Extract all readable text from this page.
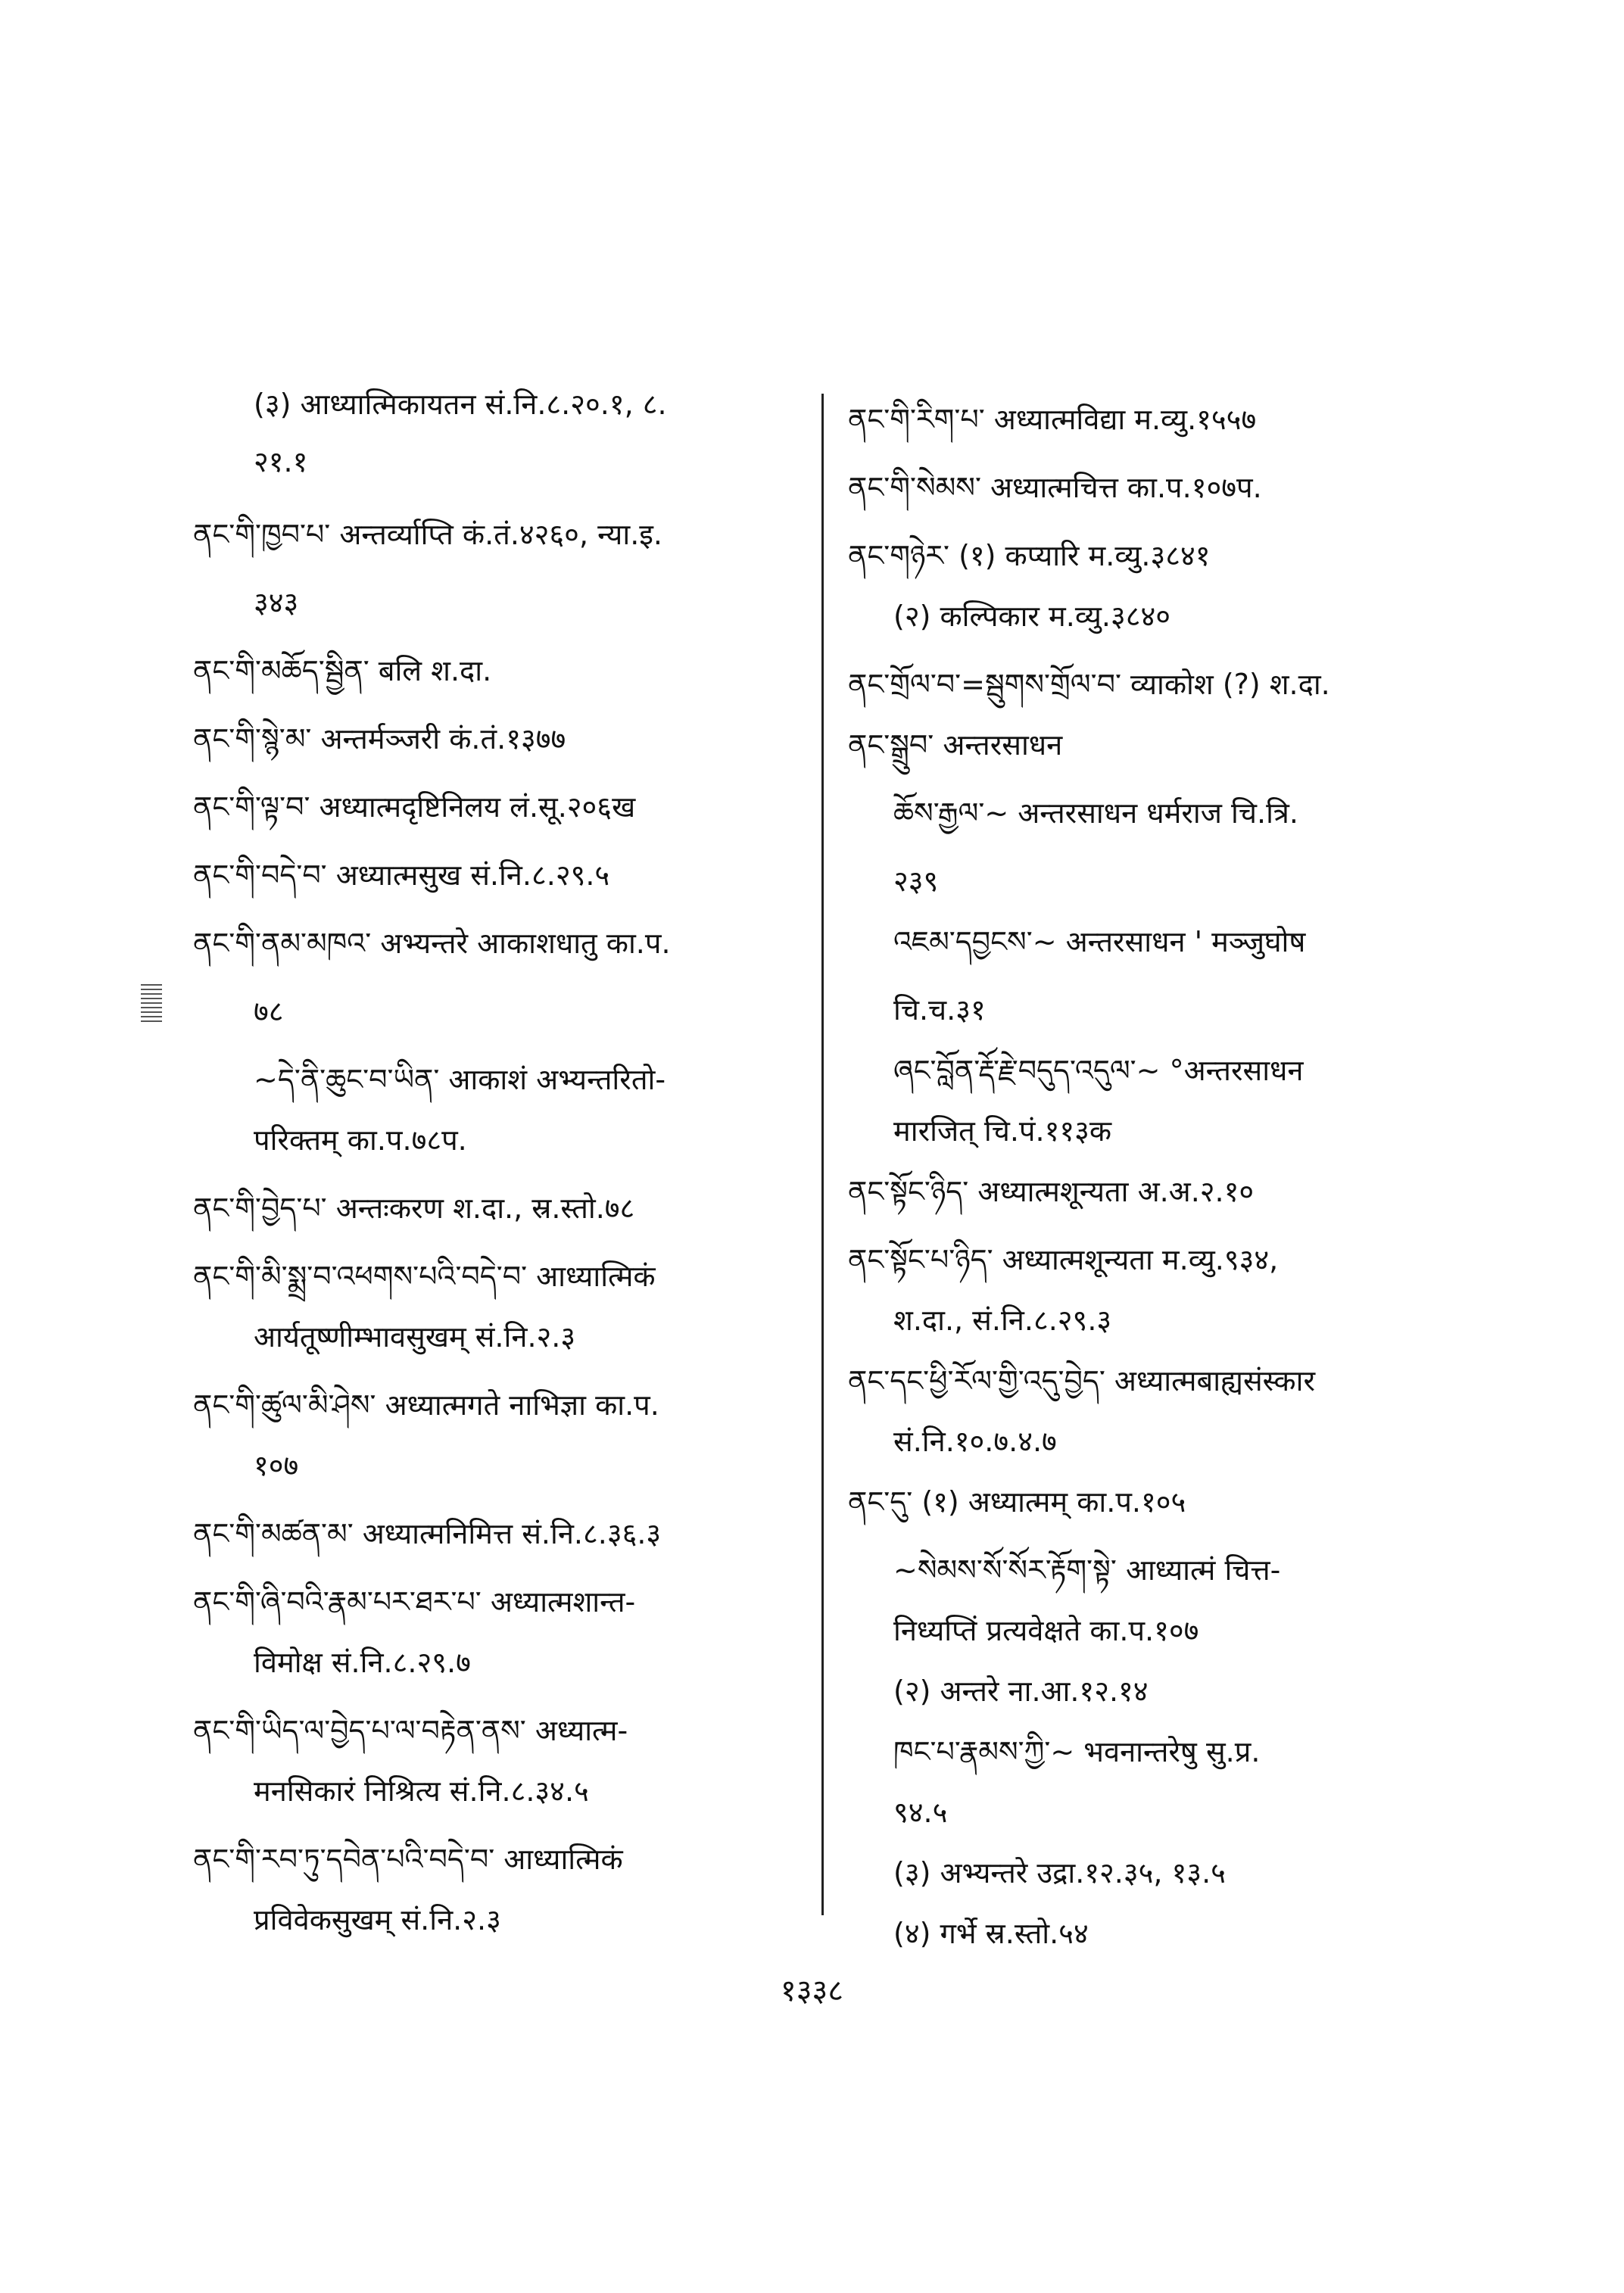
(३) आध्यात्मिकायतन सं.नि.८.२०.१, ८.
२१.१
ནང་གི་ཁྱབ་པ་ अन्तर्व्याप्ति कं.तं.४२६०, न्या.इ.
३४३
ནང་གི་མཆོད་སྦྱིན་ बलि श.दा.
ནང་གི་སྙེ་མ་ अन्तर्मञ्जरी कं.तं.१३७७
ནང་གི་ལྟ་བ་ अध्यात्मदृष्टिनिलय लं.सू.२०६ख
ནང་གི་བདེ་བ་ अध्यात्मसुख सं.नि.८.२९.५
ནང་གི་ནམ་མཁའ་ अभ्यन्तरे आकाशधातु का.प.
७८
~དེ་ནི་ཆུང་བ་ཡིན་ आकाशं अभ्यन्तरितो-
परिक्तम् का.प.७८प.
ནང་གི་བྱེད་པ་ अन्तःकरण श.दा., स्र.स्तो.७८
ནང་གི་མི་སྨྲ་བ་འཕགས་པའི་བདེ་བ་ आध्यात्मिकं
आर्यतूष्णीम्भावसुखम् सं.नि.२.३
ནང་གི་ཚུལ་མི་ཤེས་ अध्यात्मगते नाभिज्ञा का.प.
१०७
ནང་གི་མཚན་མ་ अध्यात्मनिमित्त सं.नि.८.३६.३
ནང་གི་ཞི་བའི་རྣམ་པར་ཐར་པ་ अध्यात्मशान्त-
विमोक्ष सं.नि.८.२९.७
ནང་གི་ཡིད་ལ་བྱེད་པ་ལ་བརྟེན་ནས་ अध्यात्म-
मनसिकारं निश्रित्य सं.नि.८.३४.५
ནང་གི་རབ་ཏུ་དབེན་པའི་བདེ་བ་ आध्यात्मिकं
प्रविवेकसुखम् सं.नि.२.३
ནང་གི་རིག་པ་ अध्यात्मविद्या म.व्यु.१५५७
ནང་གི་སེམས་ अध्यात्मचित्त का.प.१०७प.
ནང་གཉེར་ (१) कप्यारि म.व्यु.३८४१
(२) कल्पिकार म.व्यु.३८४०
ནང་གྲོལ་བ་=སྦུགས་གྲོལ་བ་ व्याकोश (?) श.दा.
ནང་སྒྲུབ་ अन्तरसाधन
ཆོས་རྒྱལ་~ अन्तरसाधन धर्मराज चि.त्रि.
२३९
འཇམ་དབྱངས་~ अन्तरसाधन ' मञ्जुघोष
चि.च.३१
ཞང་བློན་རྡོ་རྗེ་བདུད་འདུལ་~ °अन्तरसाधन
मारजित् चि.पं.११३क
ནང་སྟོང་ཉིད་ अध्यात्मशून्यता अ.अ.२.१०
ནང་སྟོང་པ་ཉིད་ अध्यात्मशून्यता म.व्यु.९३४,
श.दा., सं.नि.८.२९.३
ནང་དང་ཕྱི་རོལ་གྱི་འདུ་བྱེད་ अध्यात्मबाह्यसंस्कार
सं.नि.१०.७.४.७
ནང་དུ་ (१) अध्यात्मम् का.प.१०५
~སེམས་སོ་སོར་རྟོག་སྟེ་ आध्यात्मं चित्त-
निध्यप्तिं प्रत्यवेक्षते का.प.१०७
(२) अन्तरे ना.आ.१२.१४
ཁང་པ་རྣམས་ཀྱི་~ भवनान्तरेषु सु.प्र.
९४.५
(३) अभ्यन्तरे उद्रा.१२.३५, १३.५
(४) गर्भे स्र.स्तो.५४
१३३८
